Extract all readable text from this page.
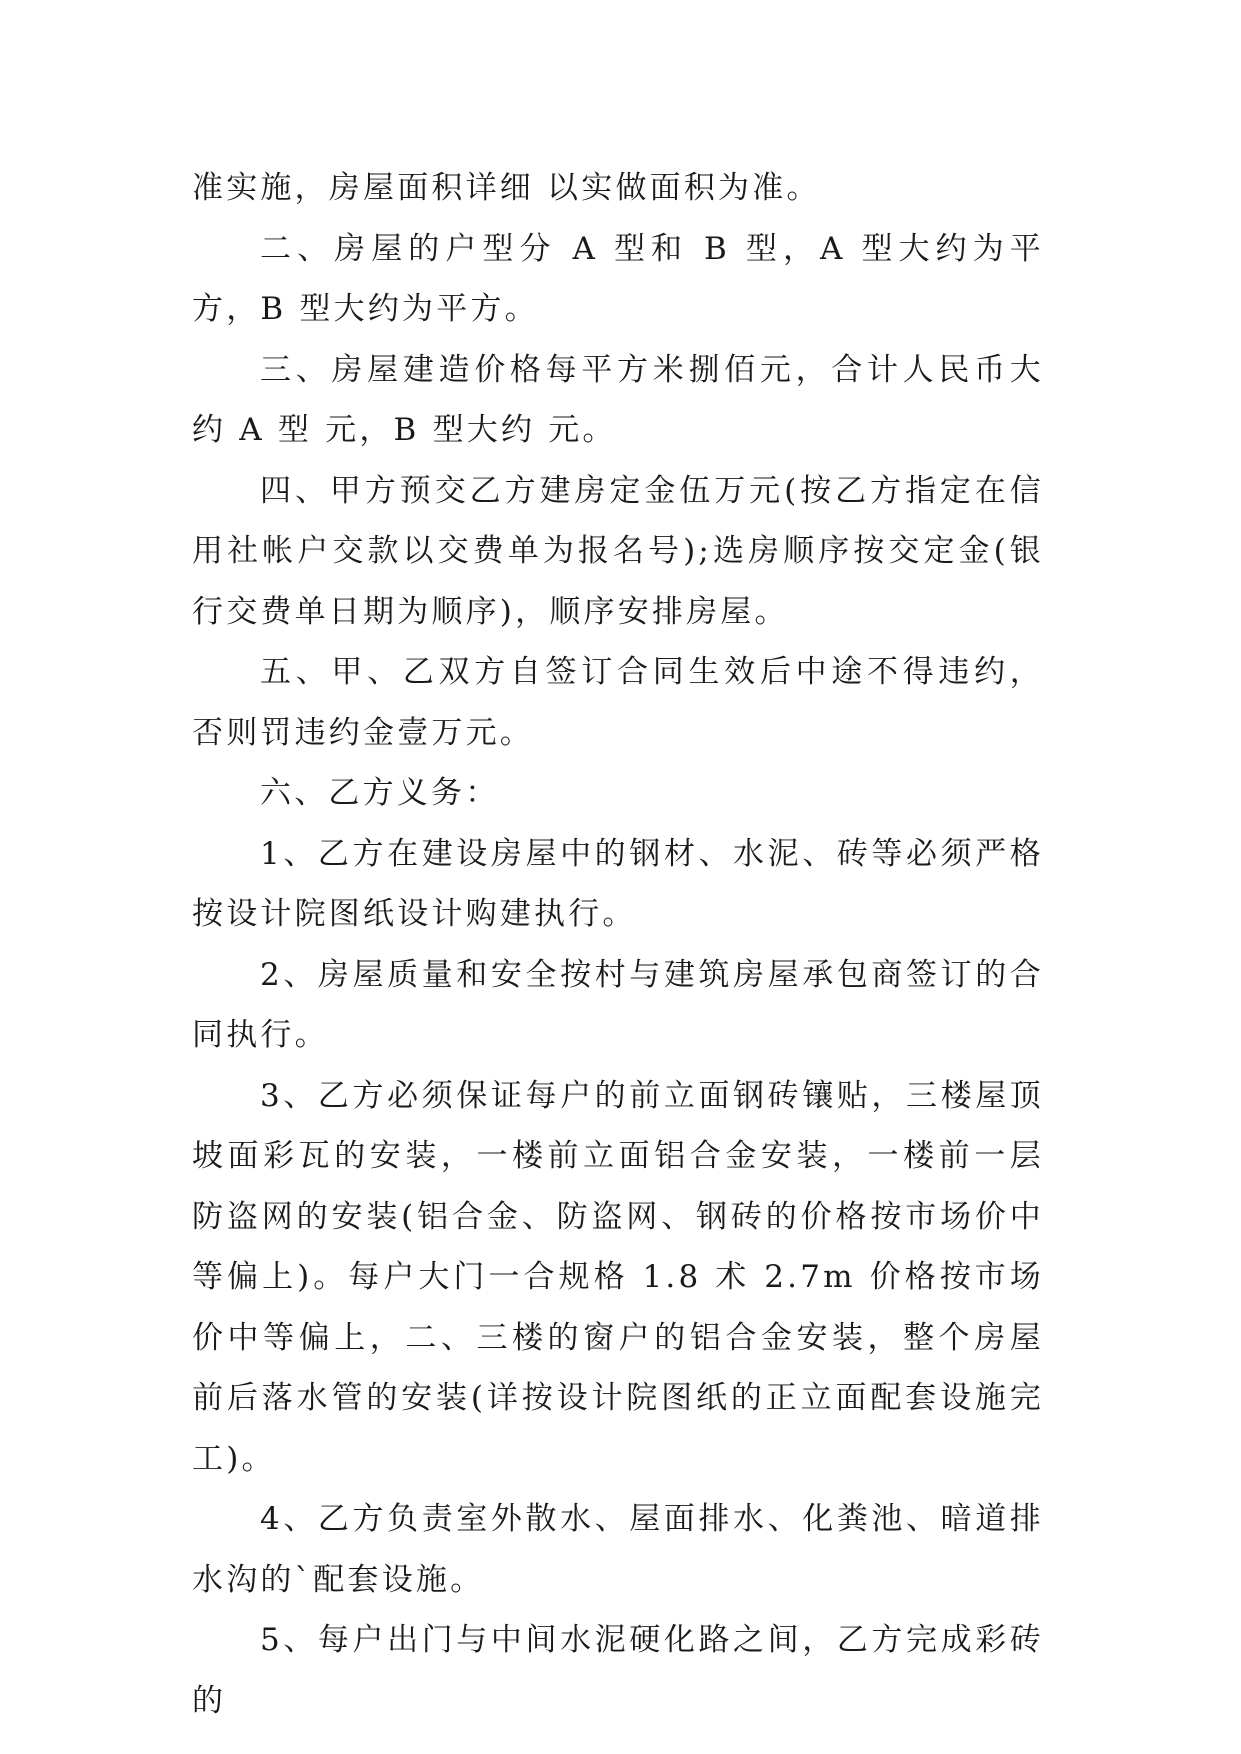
准实施，房屋面积详细 以实做面积为准。

二、房屋的户型分 A 型和 B 型，A 型大约为平方，B 型大约为平方。

三、房屋建造价格每平方米捌佰元，合计人民币大约 A 型 元，B 型大约 元。

四、甲方预交乙方建房定金伍万元(按乙方指定在信用社帐户交款以交费单为报名号);选房顺序按交定金(银行交费单日期为顺序)，顺序安排房屋。

五、甲、乙双方自签订合同生效后中途不得违约，否则罚违约金壹万元。

六、乙方义务：

1、乙方在建设房屋中的钢材、水泥、砖等必须严格按设计院图纸设计购建执行。

2、房屋质量和安全按村与建筑房屋承包商签订的合同执行。

3、乙方必须保证每户的前立面钢砖镶贴，三楼屋顶坡面彩瓦的安装，一楼前立面铝合金安装，一楼前一层防盗网的安装(铝合金、防盗网、钢砖的价格按市场价中等偏上)。每户大门一合规格 1.8 术 2.7m 价格按市场价中等偏上，二、三楼的窗户的铝合金安装，整个房屋前后落水管的安装(详按设计院图纸的正立面配套设施完工)。

4、乙方负责室外散水、屋面排水、化粪池、暗道排水沟的`配套设施。

5、每户出门与中间水泥硬化路之间，乙方完成彩砖的
